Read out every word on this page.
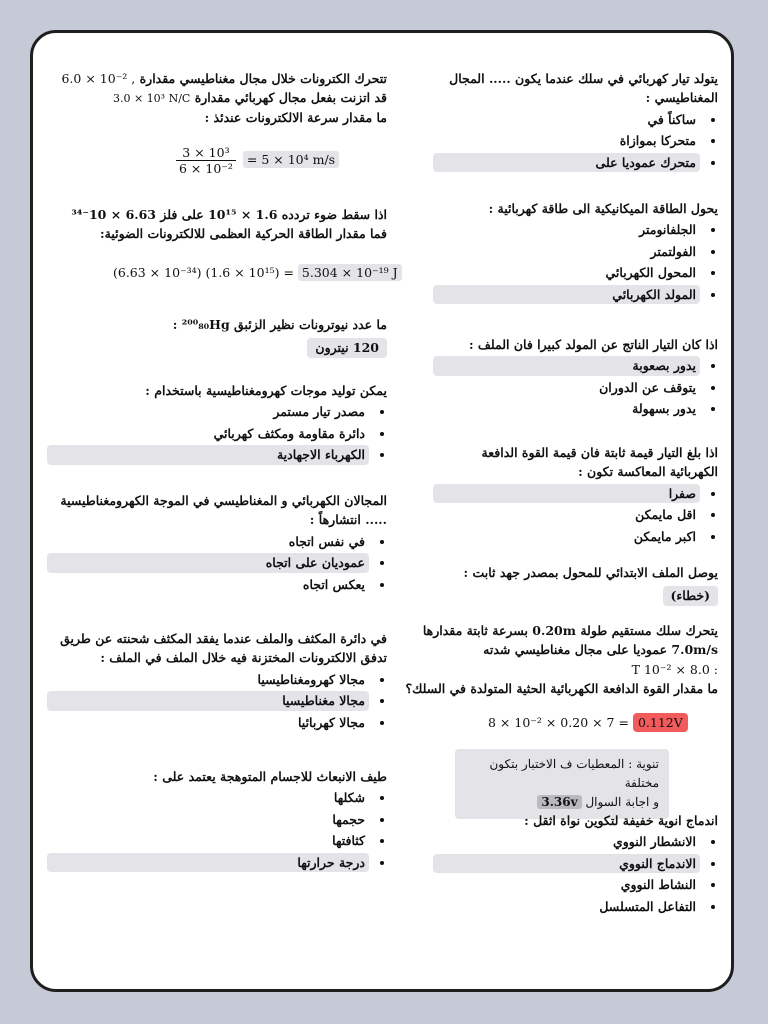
يتولد تيار كهربائي في سلك عندما يكون ..... المجال المغناطيسي :

• ساكناً في
• متحركا بموازاة
• متحرك عموديا على

يحول الطاقة الميكانيكية الى طاقة كهربائية :

• الجلفانومتر
• الفولتمتر
• المحول الكهربائي
• المولد الكهربائي

اذا كان التيار الناتج عن المولد كبيرا فان الملف :

• يدور بصعوبة
• يتوقف عن الدوران
• يدور بسهولة

اذا بلغ التيار قيمة ثابتة فان قيمة القوة الدافعة الكهربائية المعاكسة تكون :

• صفرا
• اقل مايمكن
• اكبر مايمكن

يوصل الملف الابتدائي للمحول بمصدر جهد ثابت :

(خطاء)

يتحرك سلك مستقيم طولة 0.20m بسرعة ثابتة مقدارها

7.0m/s عموديا على مجال مغناطيسي شدته

: 8.0 × 10⁻² T

ما مقدار القوة الدافعة الكهربائية الحثية المتولدة في السلك؟

8 × 10⁻² × 0.20 × 7 = 0.112V
تنوية : المعطيات ف الاختبار بتكون مختلفة
و اجابة السوال 3.36v

اندماج انوية خفيفة لتكوين نواة اثقل :

• الانشطار النووي
• الاندماج النووي
• النشاط النووي
• التفاعل المتسلسل

تتحرك الكترونات خلال مجال مغناطيسي مقدارة 6.0 × 10⁻² ,

قد اتزنت بفعل مجال كهربائي مقدارة 3.0 × 10³ N/C

ما مقدار سرعة الالكترونات عندئذ :

$\frac{\text{3 × 10³}}{\text{6 × 10⁻²}} = 5 \times 10^4$ m/s

اذا سقط ضوء تردده 1.6 × 10¹⁵ على فلز 6.63 × 10⁻³⁴

فما مقدار الطاقة الحركية العظمى للالكترونات الضوئية:

(6.63 × 10⁻³⁴) (1.6 × 10¹⁵) = 5.304 × 10⁻¹⁹ J

ما عدد نيوترونات نظير الزئبق ²⁰⁰₈₀Hg :

120 نيترون

يمكن توليد موجات كهرومغناطيسية باستخدام :

• مصدر تيار مستمر
• دائرة مقاومة ومكثف كهربائي
• الكهرباء الاجهادية

المجالان الكهربائي و المغناطيسي في الموجة الكهرومغناطيسية ..... انتشارهاً :

• في نفس اتجاه
• عموديان على اتجاه
• يعكس اتجاه

في دائرة المكثف والملف عندما يفقد المكثف شحنته عن طريق تدفق الالكترونات المختزنة فيه خلال الملف في الملف :

• مجالا كهرومغناطيسيا
• مجالا مغناطيسيا
• مجالا كهربائيا

طيف الانبعاث للاجسام المتوهجة يعتمد على :

• شكلها
• حجمها
• كثافتها
• درجة حرارتها
